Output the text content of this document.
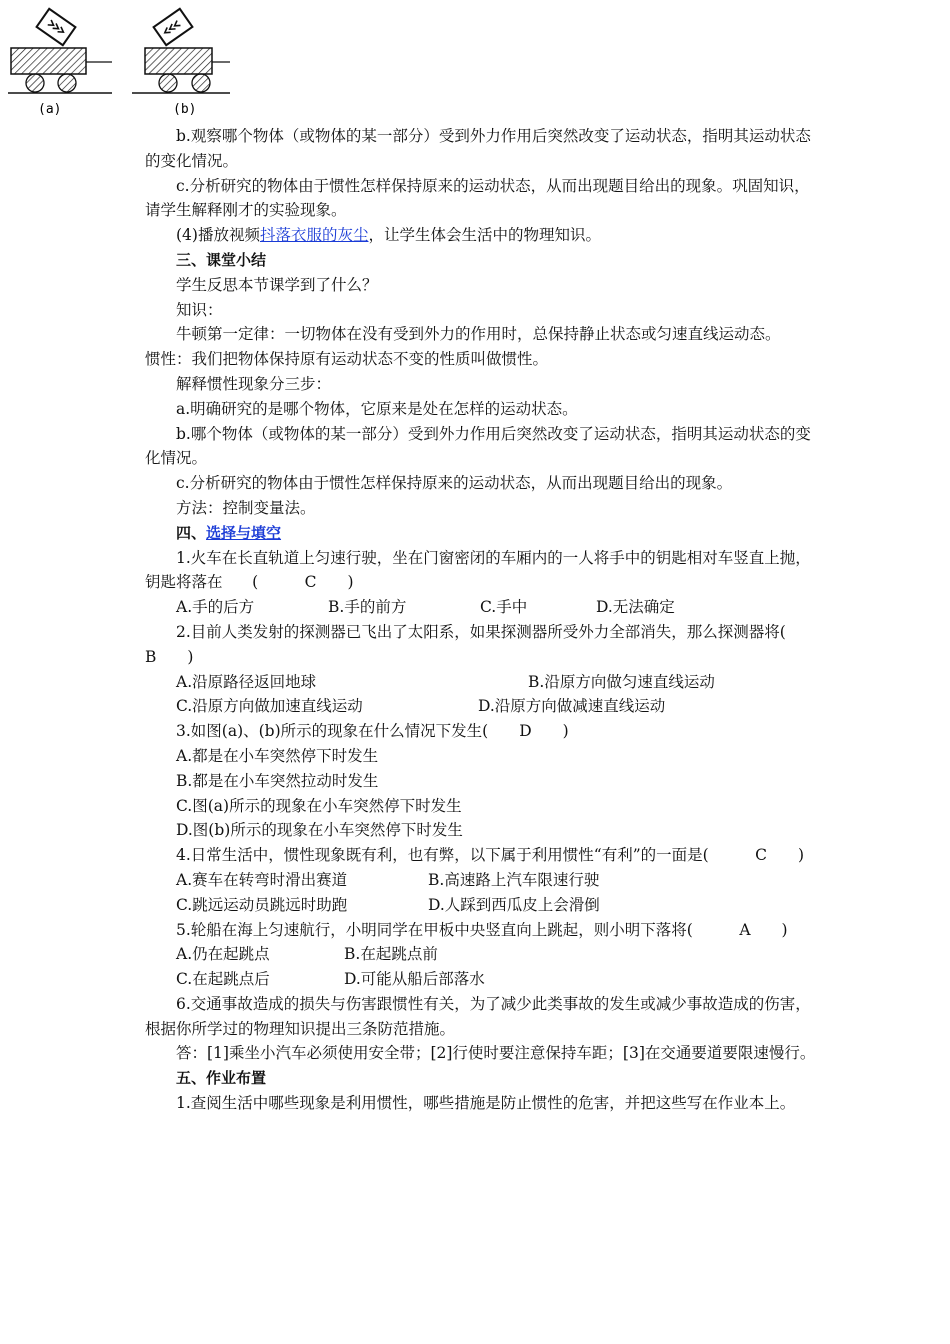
(a)	(b)

b.观察哪个物体（或物体的某一部分）受到外力作用后突然改变了运动状态，指明其运动状态的变化情况。

c.分析研究的物体由于惯性怎样保持原来的运动状态，从而出现题目给出的现象。巩固知识，请学生解释刚才的实验现象。

(4)播放视频抖落衣服的灰尘，让学生体会生活中的物理知识。

三、课堂小结

学生反思本节课学到了什么？

知识：

牛顿第一定律：一切物体在没有受到外力的作用时，总保持静止状态或匀速直线运动态。

惯性：我们把物体保持原有运动状态不变的性质叫做惯性。

解释惯性现象分三步：

a.明确研究的是哪个物体，它原来是处在怎样的运动状态。

b.哪个物体（或物体的某一部分）受到外力作用后突然改变了运动状态，指明其运动状态的变化情况。

c.分析研究的物体由于惯性怎样保持原来的运动状态，从而出现题目给出的现象。

方法：控制变量法。

四、选择与填空

1.火车在长直轨道上匀速行驶，坐在门窗密闭的车厢内的一人将手中的钥匙相对车竖直上抛，钥匙将落在 (　　　C　　)

A.手的后方	B.手的前方	C.手中	D.无法确定

2.目前人类发射的探测器已飞出了太阳系，如果探测器所受外力全部消失，那么探测器将(　　B　　)

A.沿原路径返回地球	B.沿原方向做匀速直线运动

C.沿原方向做加速直线运动	D.沿原方向做减速直线运动

3.如图(a)、(b)所示的现象在什么情况下发生(　　D　　)

A.都是在小车突然停下时发生

B.都是在小车突然拉动时发生

C.图(a)所示的现象在小车突然停下时发生

D.图(b)所示的现象在小车突然停下时发生

4.日常生活中，惯性现象既有利，也有弊，以下属于利用惯性“有利”的一面是(　　　C　　)

A.赛车在转弯时滑出赛道	B.高速路上汽车限速行驶

C.跳远运动员跳远时助跑	D.人踩到西瓜皮上会滑倒

5.轮船在海上匀速航行，小明同学在甲板中央竖直向上跳起，则小明下落将(　　　A　　)

A.仍在起跳点	B.在起跳点前

C.在起跳点后	D.可能从船后部落水

6.交通事故造成的损失与伤害跟惯性有关，为了减少此类事故的发生或减少事故造成的伤害，根据你所学过的物理知识提出三条防范措施。

答：[1]乘坐小汽车必须使用安全带；[2]行使时要注意保持车距；[3]在交通要道要限速慢行。

五、作业布置

1.查阅生活中哪些现象是利用惯性，哪些措施是防止惯性的危害，并把这些写在作业本上。
